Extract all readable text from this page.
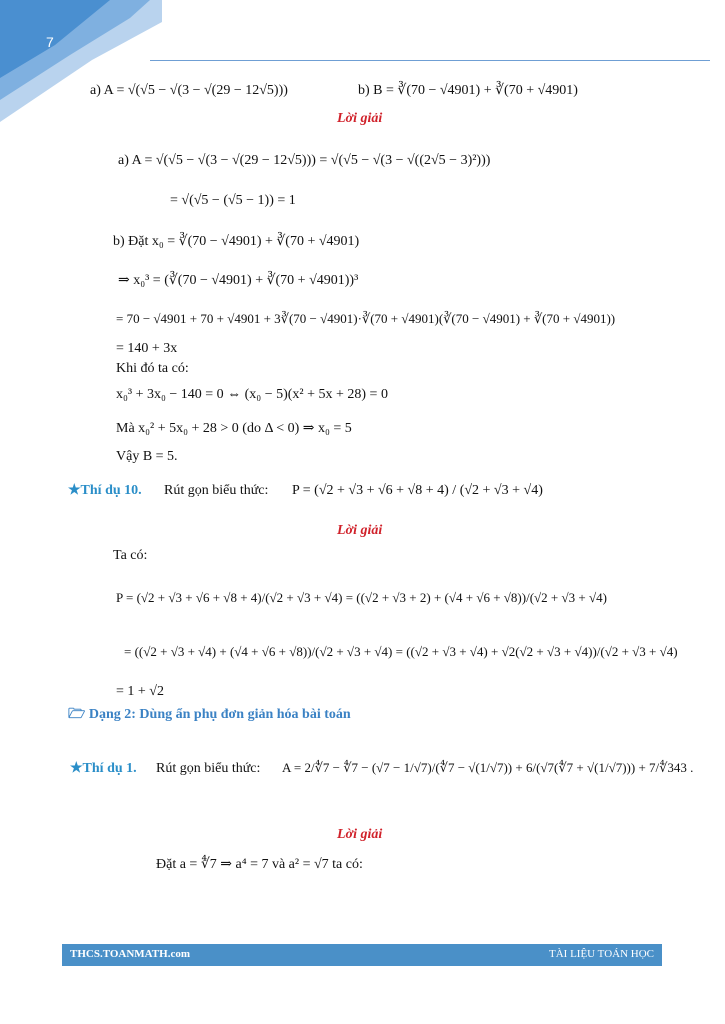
7
a) A = √(√5 − √(3 − √(29 − 12√5)))	b) B = ∛(70 − √4901) + ∛(70 + √4901)
Lời giải
a) A = √(√5 − √(3 − √(29 − 12√5))) = √(√5 − √(3 − √((2√5 − 3)²)))
= √(√5 − (√5 − 1)) = 1
b) Đặt x₀ = ∛(70 − √4901) + ∛(70 + √4901)
⇒ x₀³ = (∛(70 − √4901) + ∛(70 + √4901))³
= 70 − √4901 + 70 + √4901 + 3∛(70 − √4901)·∛(70 + √4901)(∛(70 − √4901) + ∛(70 + √4901))
= 140 + 3x
Khi đó ta có:
x₀³ + 3x₀ − 140 = 0 ⇔ (x₀ − 5)(x² + 5x + 28) = 0
Mà x₀² + 5x₀ + 28 > 0 (do Δ < 0) ⇒ x₀ = 5
Vậy B = 5.
★Thí dụ 10. Rút gọn biểu thức: P = (√2 + √3 + √6 + √8 + 4) / (√2 + √3 + √4)
Lời giải
Ta có:
P = (√2 + √3 + √6 + √8 + 4)/(√2 + √3 + √4) = ((√2 + √3 + 2) + (√4 + √6 + √8))/(√2 + √3 + √4)
= ((√2 + √3 + √4) + (√4 + √6 + √8))/(√2 + √3 + √4) = ((√2 + √3 + √4) + √2(√2 + √3 + √4))/(√2 + √3 + √4)
= 1 + √2
🗁 Dạng 2: Dùng ẩn phụ đơn giản hóa bài toán
★Thí dụ 1. Rút gọn biểu thức: A = 2/∜7 − ∜7 − (√7 − 1/√7)/(∜7 − √(1/√7)) + 6/(√7(∜7 + √(1/√7))) + 7/∜343 .
Lời giải
Đặt a = ∜7 ⇒ a⁴ = 7 và a² = √7 ta có:
THCS.TOANMATH.com	TÀI LIỆU TOÁN HỌC
